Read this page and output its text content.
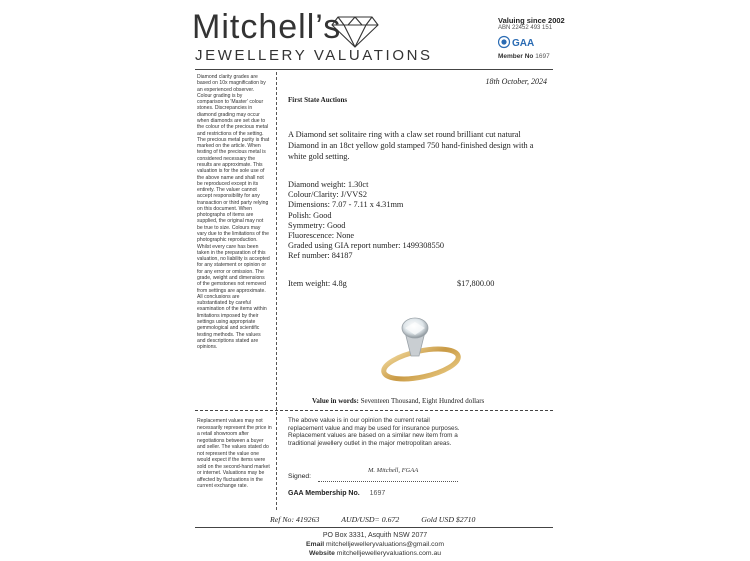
Mitchell’s
JEWELLERY VALUATIONS
Valuing since 2002
ABN 22452 493 151
GAA
Member No 1697
Diamond clarity grades are based on 10x magnification by an experienced observer. Colour grading is by comparison to 'Master' colour stones. Discrepancies in diamond grading may occur when diamonds are set due to the colour of the precious metal and restrictions of the setting. The precious metal purity is that marked on the article. When testing of the precious metal is considered necessary the results are approximate. This valuation is for the sole use of the above name and shall not be reproduced except in its entirety. The valuer cannot accept responsibility for any transaction or third party relying on this document. When photographs of items are supplied, the original may not be true to size. Colours may vary due to the limitations of the photographic reproduction. Whilst every care has been taken in the preparation of this valuation, no liability is accepted for any statement or opinion or for any error or omission. The grade, weight and dimensions of the gemstones not removed from settings are approximate. All conclusions are substantiated by careful examination of the items within limitations imposed by their settings using appropriate gemmological and scientific testing methods. The values and descriptions stated are opinions.
Replacement values may not necessarily represent the price in a retail showroom after negotiations between a buyer and seller. The values stated do not represent the value one would expect if the items were sold on the second-hand market or internet. Valuations may be affected by fluctuations in the current exchange rate.
18th October, 2024
First State Auctions
A Diamond set solitaire ring with a claw set round brilliant cut natural Diamond in an 18ct yellow gold stamped 750 hand-finished design with a white gold setting.
Diamond weight: 1.30ct
Colour/Clarity: J/VVS2
Dimensions: 7.07 - 7.11 x 4.31mm
Polish: Good
Symmetry: Good
Fluorescence: None
Graded using GIA report number: 1499308550
Ref number: 84187
Item weight: 4.8g	$17,800.00
Value in words: Seventeen Thousand, Eight Hundred dollars
The above value is in our opinion the current retail replacement value and may be used for insurance purposes. Replacement values are based on a similar new item from a traditional jewellery outlet in the major metropolitan areas.
Signed:
M. Mitchell, FGAA
GAA Membership No. 1697
Ref No: 419263	AUD/USD= 0.672	Gold USD $2710
PO Box 3331, Asquith NSW 2077
Email mitchelljewelleryvaluations@gmail.com
Website mitchelljewelleryvaluations.com.au
